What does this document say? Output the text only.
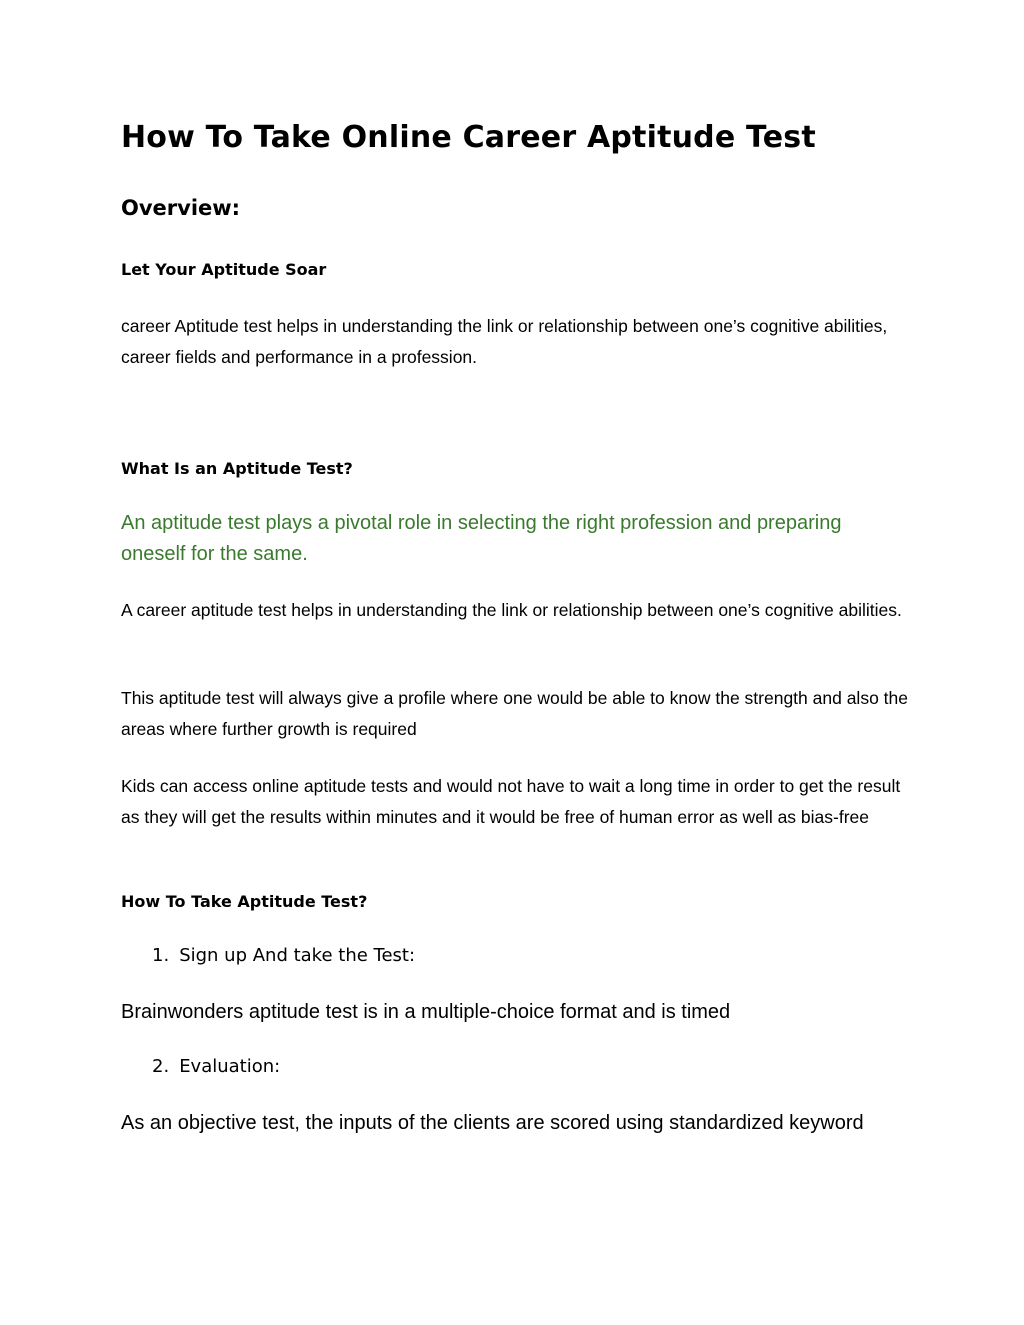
How To Take Online Career Aptitude Test
Overview:
Let Your Aptitude Soar

career Aptitude test helps in understanding the link or relationship between one’s cognitive abilities, career fields and performance in a profession.

What Is an Aptitude Test?

An aptitude test plays a pivotal role in selecting the right profession and preparing oneself for the same.

A career aptitude test helps in understanding the link or relationship between one’s cognitive abilities.

This aptitude test will always give a profile where one would be able to know the strength and also the areas where further growth is required

Kids can access online aptitude tests and would not have to wait a long time in order to get the result as they will get the results within minutes and it would be free of human error as well as bias-free

How To Take Aptitude Test?
1. Sign up And take the Test:

Brainwonders aptitude test is in a multiple-choice format and is timed

2. Evaluation:

As an objective test, the inputs of the clients are scored using standardized keyword
